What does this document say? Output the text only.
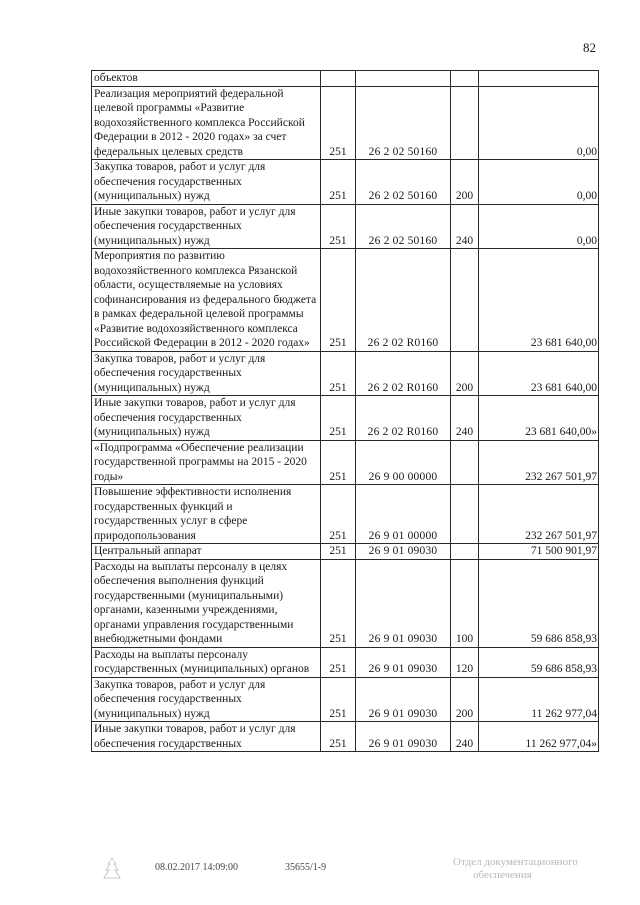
82
объектов				
Реализация мероприятий федеральной целевой программы «Развитие водохозяйственного комплекса Российской Федерации в 2012 - 2020 годах» за счет федеральных целевых средств	251	26 2 02 50160		0,00
Закупка товаров, работ и услуг для обеспечения государственных (муниципальных) нужд	251	26 2 02 50160	200	0,00
Иные закупки товаров, работ и услуг для обеспечения государственных (муниципальных) нужд	251	26 2 02 50160	240	0,00
Мероприятия по развитию водохозяйственного комплекса Рязанской области, осуществляемые на условиях софинансирования из федерального бюджета в рамках федеральной целевой программы «Развитие водохозяйственного комплекса Российской Федерации в 2012 - 2020 годах»	251	26 2 02 R0160		23 681 640,00
Закупка товаров, работ и услуг для обеспечения государственных (муниципальных) нужд	251	26 2 02 R0160	200	23 681 640,00
Иные закупки товаров, работ и услуг для обеспечения государственных (муниципальных) нужд	251	26 2 02 R0160	240	23 681 640,00»
«Подпрограмма «Обеспечение реализации государственной программы на 2015 - 2020 годы»	251	26 9 00 00000		232 267 501,97
Повышение эффективности исполнения государственных функций и государственных услуг в сфере природопользования	251	26 9 01 00000		232 267 501,97
Центральный аппарат	251	26 9 01 09030		71 500 901,97
Расходы на выплаты персоналу в целях обеспечения выполнения функций государственными (муниципальными) органами, казенными учреждениями, органами управления государственными внебюджетными фондами	251	26 9 01 09030	100	59 686 858,93
Расходы на выплаты персоналу государственных (муниципальных) органов	251	26 9 01 09030	120	59 686 858,93
Закупка товаров, работ и услуг для обеспечения государственных (муниципальных) нужд	251	26 9 01 09030	200	11 262 977,04
Иные закупки товаров, работ и услуг для обеспечения государственных	251	26 9 01 09030	240	11 262 977,04»
08.02.2017 14:09:00	35655/1-9	Отдел документационного
обеспечения
